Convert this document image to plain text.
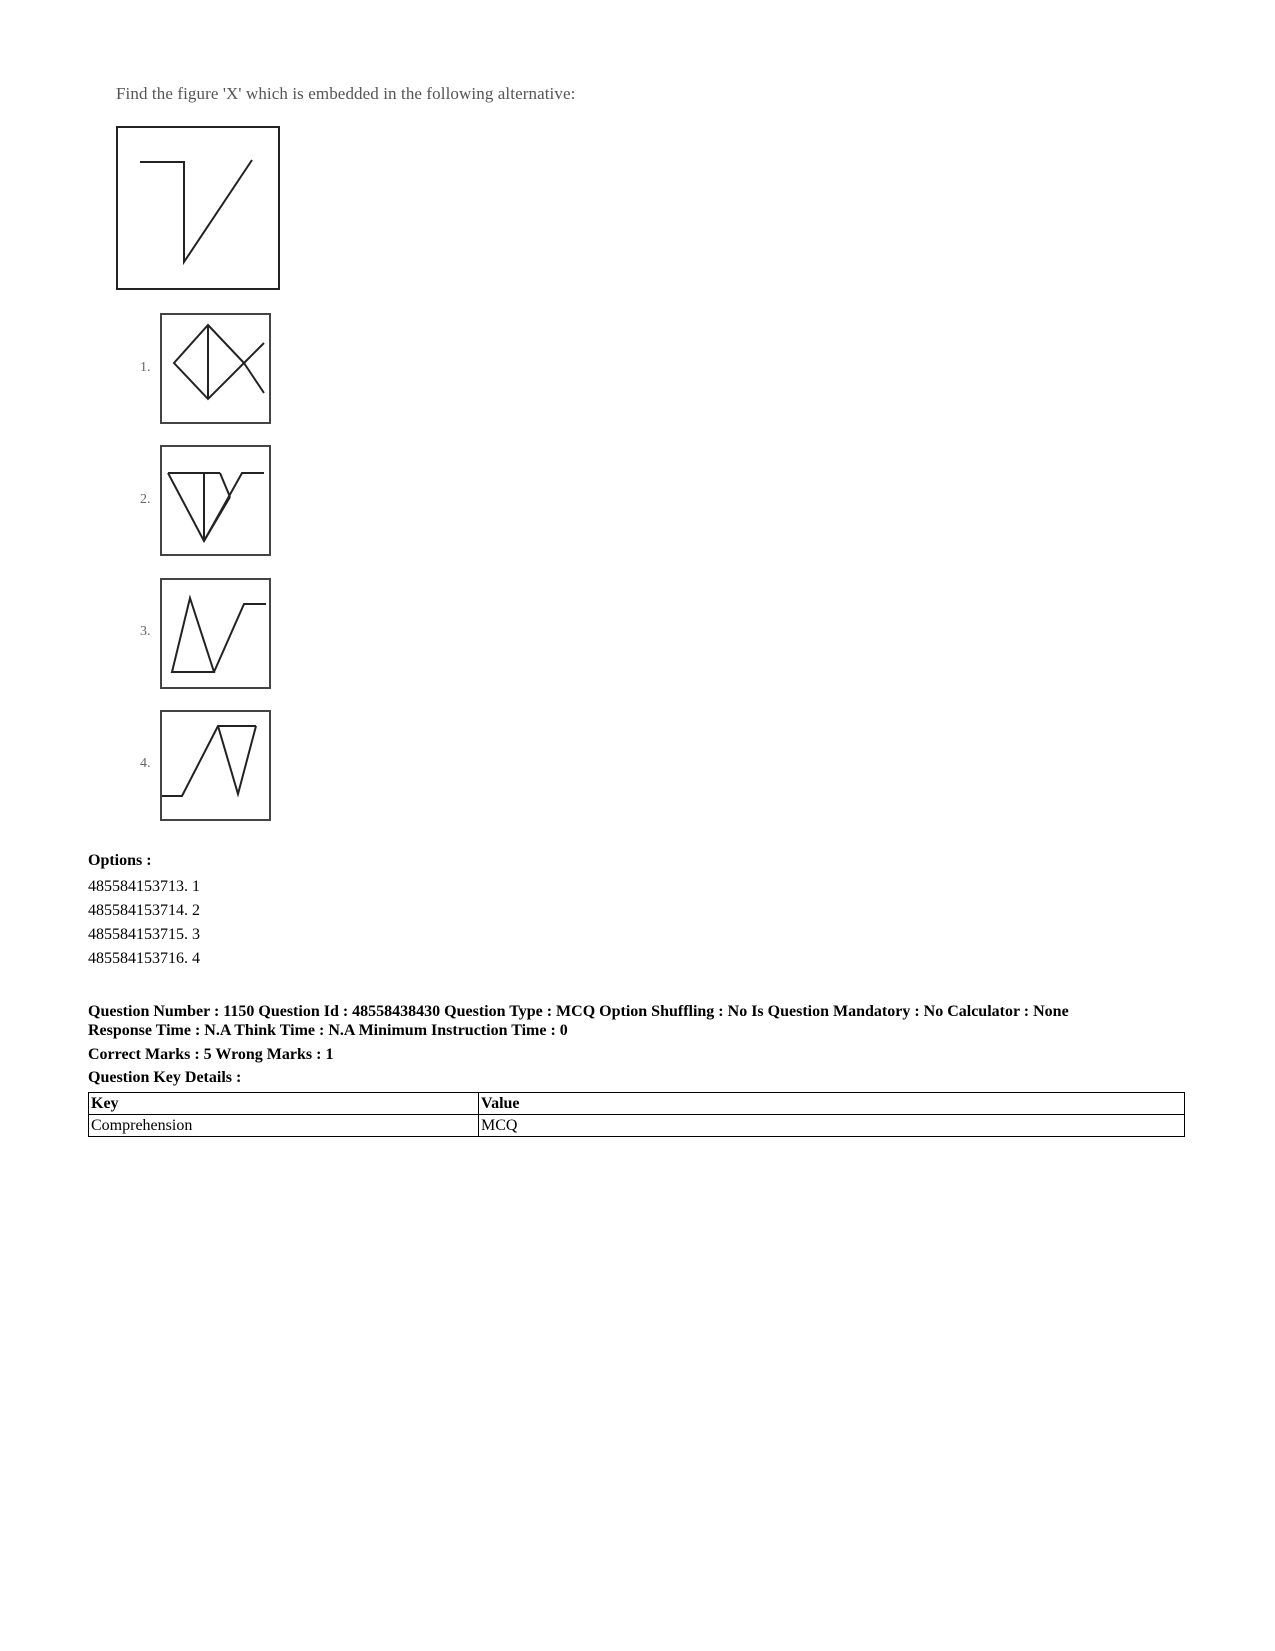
Find the figure 'X' which is embedded in the following alternative:
1.
2.
3.
4.
Options :
485584153713. 1
485584153714. 2
485584153715. 3
485584153716. 4
Question Number : 1150 Question Id : 48558438430 Question Type : MCQ Option Shuffling : No Is Question Mandatory : No Calculator : None
Response Time : N.A Think Time : N.A Minimum Instruction Time : 0
Correct Marks : 5 Wrong Marks : 1
Question Key Details :
Key	Value
Comprehension	MCQ
